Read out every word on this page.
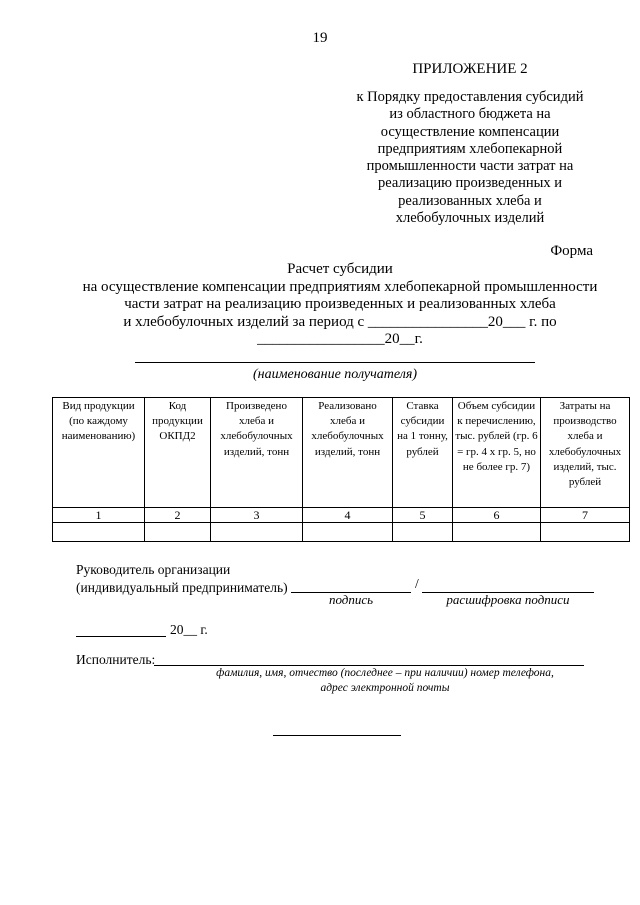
19
ПРИЛОЖЕНИЕ 2
к Порядку предоставления субсидий
из областного бюджета на
осуществление компенсации
предприятиям хлебопекарной
промышленности части затрат на
реализацию произведенных и
реализованных хлеба и
хлебобулочных изделий
Форма
Расчет субсидии
на осуществление компенсации предприятиям хлебопекарной промышленности
части затрат на реализацию произведенных и реализованных хлеба
и хлебобулочных изделий за период с ________________20___ г. по
_________________20__г.
(наименование получателя)
Вид продукции (по каждому наименованию)	Код продукции ОКПД2	Произведено хлеба и хлебобулочных изделий, тонн	Реализовано хлеба и хлебобулочных изделий, тонн	Ставка субсидии на 1 тонну, рублей	Объем субсидии к перечислению, тыс. рублей (гр. 6 = гр. 4 х гр. 5, но не более гр. 7)	Затраты на производство хлеба и хлебобулочных изделий, тыс. рублей
1	2	3	4	5	6	7

Руководитель организации
(индивидуальный предприниматель)	/
подпись	расшифровка подписи
20__ г.
Исполнитель:
фамилия, имя, отчество (последнее – при наличии) номер телефона,
адрес электронной почты
